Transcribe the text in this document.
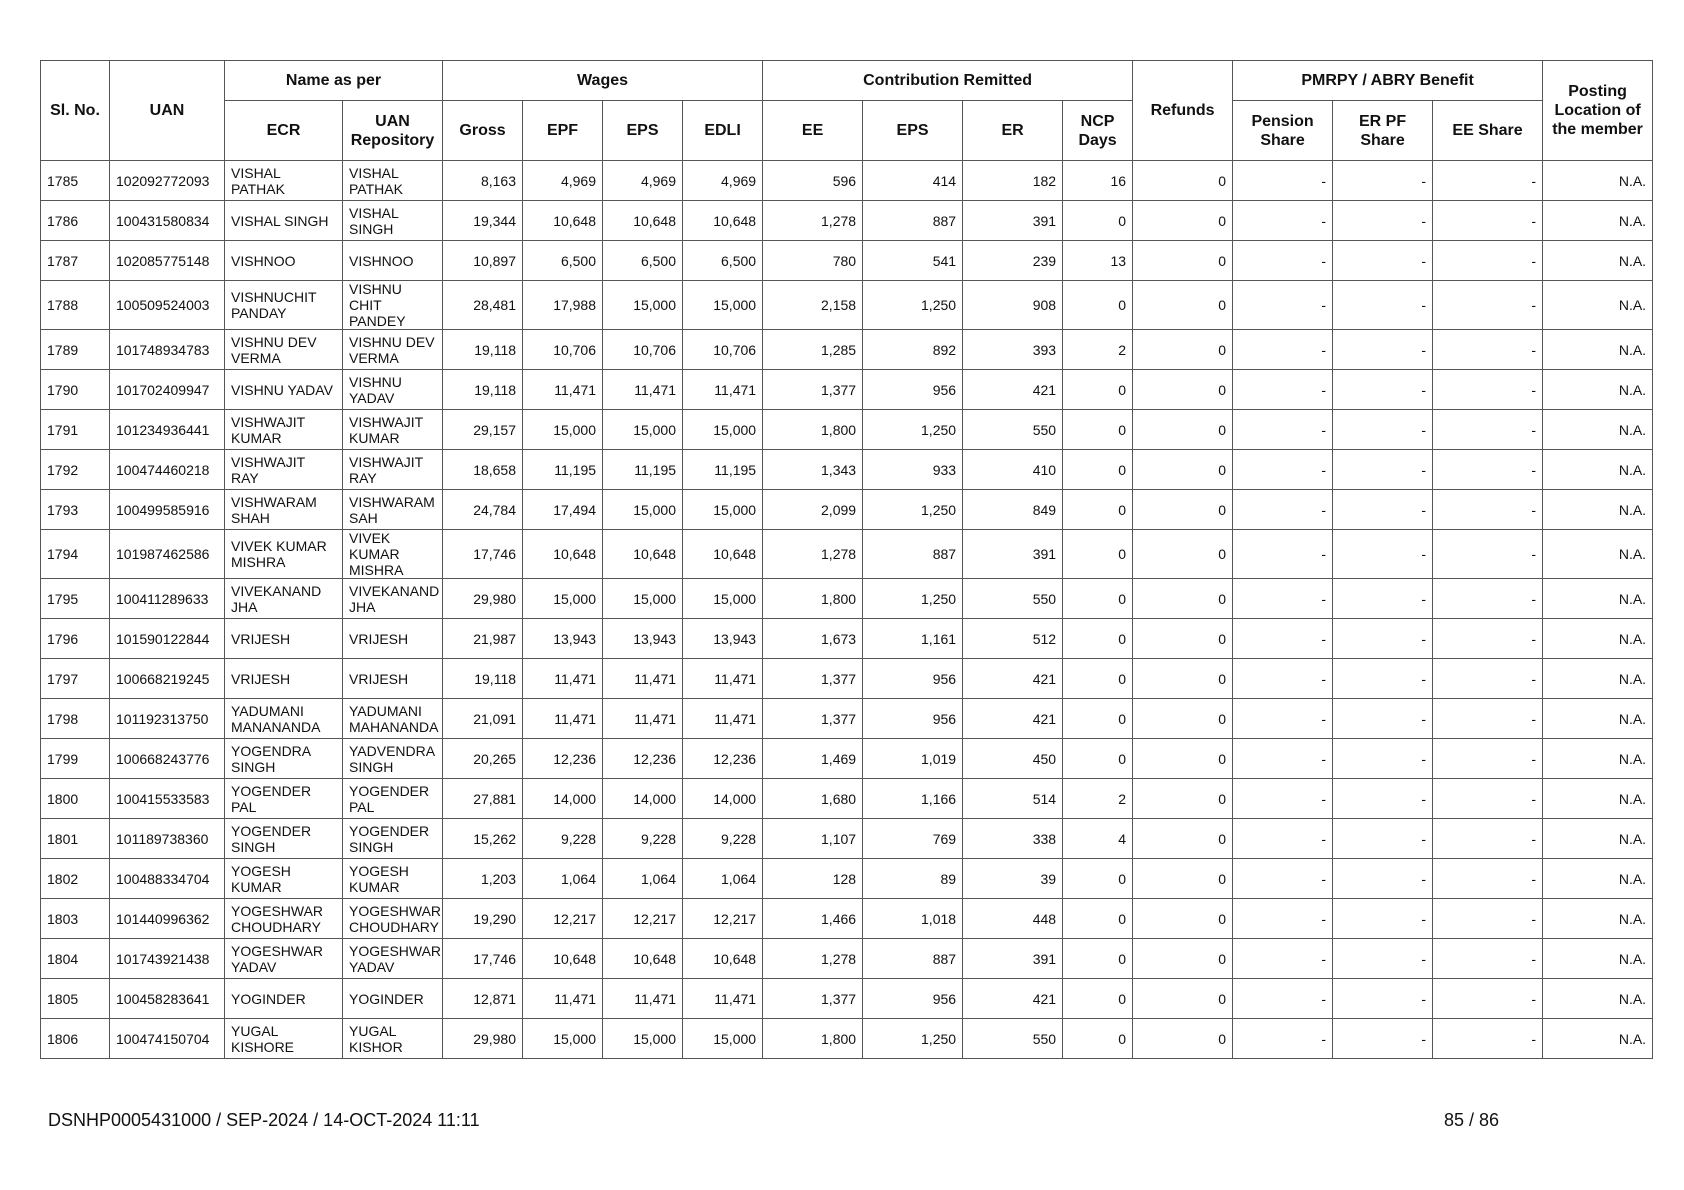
Sl. No.	UAN	Name as per		Wages				Contribution Remitted				Refunds	PMRPY / ABRY Benefit			Posting Location of the member
		ECR	UAN Repository	Gross	EPF	EPS	EDLI	EE	EPS	ER	NCP Days		Pension Share	ER PF Share	EE Share	
1785	102092772093	VISHAL PATHAK	VISHAL PATHAK	8,163	4,969	4,969	4,969	596	414	182	16	0	-	-	-	N.A.
1786	100431580834	VISHAL SINGH	VISHAL SINGH	19,344	10,648	10,648	10,648	1,278	887	391	0	0	-	-	-	N.A.
1787	102085775148	VISHNOO	VISHNOO	10,897	6,500	6,500	6,500	780	541	239	13	0	-	-	-	N.A.
1788	100509524003	VISHNUCHIT PANDAY	VISHNU CHIT PANDEY	28,481	17,988	15,000	15,000	2,158	1,250	908	0	0	-	-	-	N.A.
1789	101748934783	VISHNU DEV VERMA	VISHNU DEV VERMA	19,118	10,706	10,706	10,706	1,285	892	393	2	0	-	-	-	N.A.
1790	101702409947	VISHNU YADAV	VISHNU YADAV	19,118	11,471	11,471	11,471	1,377	956	421	0	0	-	-	-	N.A.
1791	101234936441	VISHWAJIT KUMAR	VISHWAJIT KUMAR	29,157	15,000	15,000	15,000	1,800	1,250	550	0	0	-	-	-	N.A.
1792	100474460218	VISHWAJIT RAY	VISHWAJIT RAY	18,658	11,195	11,195	11,195	1,343	933	410	0	0	-	-	-	N.A.
1793	100499585916	VISHWARAM SHAH	VISHWARAM SAH	24,784	17,494	15,000	15,000	2,099	1,250	849	0	0	-	-	-	N.A.
1794	101987462586	VIVEK KUMAR MISHRA	VIVEK KUMAR MISHRA	17,746	10,648	10,648	10,648	1,278	887	391	0	0	-	-	-	N.A.
1795	100411289633	VIVEKANAND JHA	VIVEKANAND JHA	29,980	15,000	15,000	15,000	1,800	1,250	550	0	0	-	-	-	N.A.
1796	101590122844	VRIJESH	VRIJESH	21,987	13,943	13,943	13,943	1,673	1,161	512	0	0	-	-	-	N.A.
1797	100668219245	VRIJESH	VRIJESH	19,118	11,471	11,471	11,471	1,377	956	421	0	0	-	-	-	N.A.
1798	101192313750	YADUMANI MANANANDA	YADUMANI MAHANANDA	21,091	11,471	11,471	11,471	1,377	956	421	0	0	-	-	-	N.A.
1799	100668243776	YOGENDRA SINGH	YADVENDRA SINGH	20,265	12,236	12,236	12,236	1,469	1,019	450	0	0	-	-	-	N.A.
1800	100415533583	YOGENDER PAL	YOGENDER PAL	27,881	14,000	14,000	14,000	1,680	1,166	514	2	0	-	-	-	N.A.
1801	101189738360	YOGENDER SINGH	YOGENDER SINGH	15,262	9,228	9,228	9,228	1,107	769	338	4	0	-	-	-	N.A.
1802	100488334704	YOGESH KUMAR	YOGESH KUMAR	1,203	1,064	1,064	1,064	128	89	39	0	0	-	-	-	N.A.
1803	101440996362	YOGESHWAR CHOUDHARY	YOGESHWAR CHOUDHARY	19,290	12,217	12,217	12,217	1,466	1,018	448	0	0	-	-	-	N.A.
1804	101743921438	YOGESHWAR YADAV	YOGESHWAR YADAV	17,746	10,648	10,648	10,648	1,278	887	391	0	0	-	-	-	N.A.
1805	100458283641	YOGINDER	YOGINDER	12,871	11,471	11,471	11,471	1,377	956	421	0	0	-	-	-	N.A.
1806	100474150704	YUGAL KISHORE	YUGAL KISHOR	29,980	15,000	15,000	15,000	1,800	1,250	550	0	0	-	-	-	N.A.
DSNHP0005431000 / SEP-2024 / 14-OCT-2024 11:11	85 / 86
